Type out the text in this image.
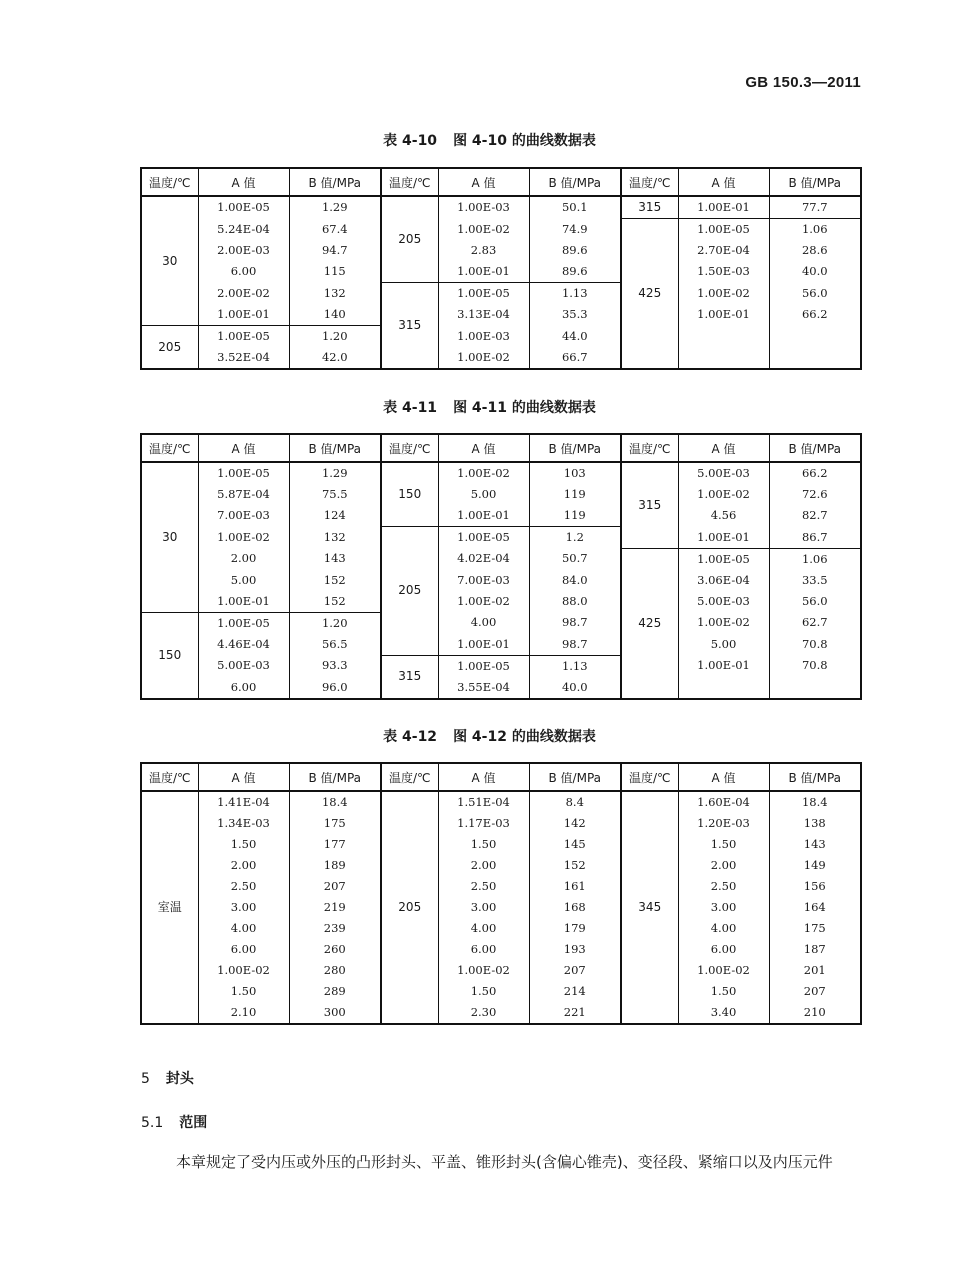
GB 150.3—2011
表 4-10 图 4-10 的曲线数据表
温度/℃	A 值	B 值/MPa	温度/℃	A 值	B 值/MPa	温度/℃	A 值	B 值/MPa
30	1.00E-05	1.29	205	1.00E-03	50.1	315	1.00E-01	77.7
	5.24E-04	67.4		1.00E-02	74.9	425	1.00E-05	1.06
	2.00E-03	94.7		2.83	89.6		2.70E-04	28.6
	6.00	115		1.00E-01	89.6		1.50E-03	40.0
	2.00E-02	132	315	1.00E-05	1.13		1.00E-02	56.0
	1.00E-01	140		3.13E-04	35.3		1.00E-01	66.2
205	1.00E-05	1.20		1.00E-03	44.0			
	3.52E-04	42.0		1.00E-02	66.7			
表 4-11 图 4-11 的曲线数据表
温度/℃	A 值	B 值/MPa	温度/℃	A 值	B 值/MPa	温度/℃	A 值	B 值/MPa
30	1.00E-05	1.29	150	1.00E-02	103	315	5.00E-03	66.2
	5.87E-04	75.5		5.00	119		1.00E-02	72.6
	7.00E-03	124		1.00E-01	119		4.56	82.7
	1.00E-02	132	205	1.00E-05	1.2		1.00E-01	86.7
	2.00	143		4.02E-04	50.7	425	1.00E-05	1.06
	5.00	152		7.00E-03	84.0		3.06E-04	33.5
	1.00E-01	152		1.00E-02	88.0		5.00E-03	56.0
150	1.00E-05	1.20		4.00	98.7		1.00E-02	62.7
	4.46E-04	56.5		1.00E-01	98.7		5.00	70.8
	5.00E-03	93.3	315	1.00E-05	1.13		1.00E-01	70.8
	6.00	96.0		3.55E-04	40.0			
表 4-12 图 4-12 的曲线数据表
温度/℃	A 值	B 值/MPa	温度/℃	A 值	B 值/MPa	温度/℃	A 值	B 值/MPa
室温	1.41E-04	18.4	205	1.51E-04	8.4	345	1.60E-04	18.4
	1.34E-03	175		1.17E-03	142		1.20E-03	138
	1.50	177		1.50	145		1.50	143
	2.00	189		2.00	152		2.00	149
	2.50	207		2.50	161		2.50	156
	3.00	219		3.00	168		3.00	164
	4.00	239		4.00	179		4.00	175
	6.00	260		6.00	193		6.00	187
	1.00E-02	280		1.00E-02	207		1.00E-02	201
	1.50	289		1.50	214		1.50	207
	2.10	300		2.30	221		3.40	210
5 封头
5.1 范围
本章规定了受内压或外压的凸形封头、平盖、锥形封头(含偏心锥壳)、变径段、紧缩口以及内压元件
